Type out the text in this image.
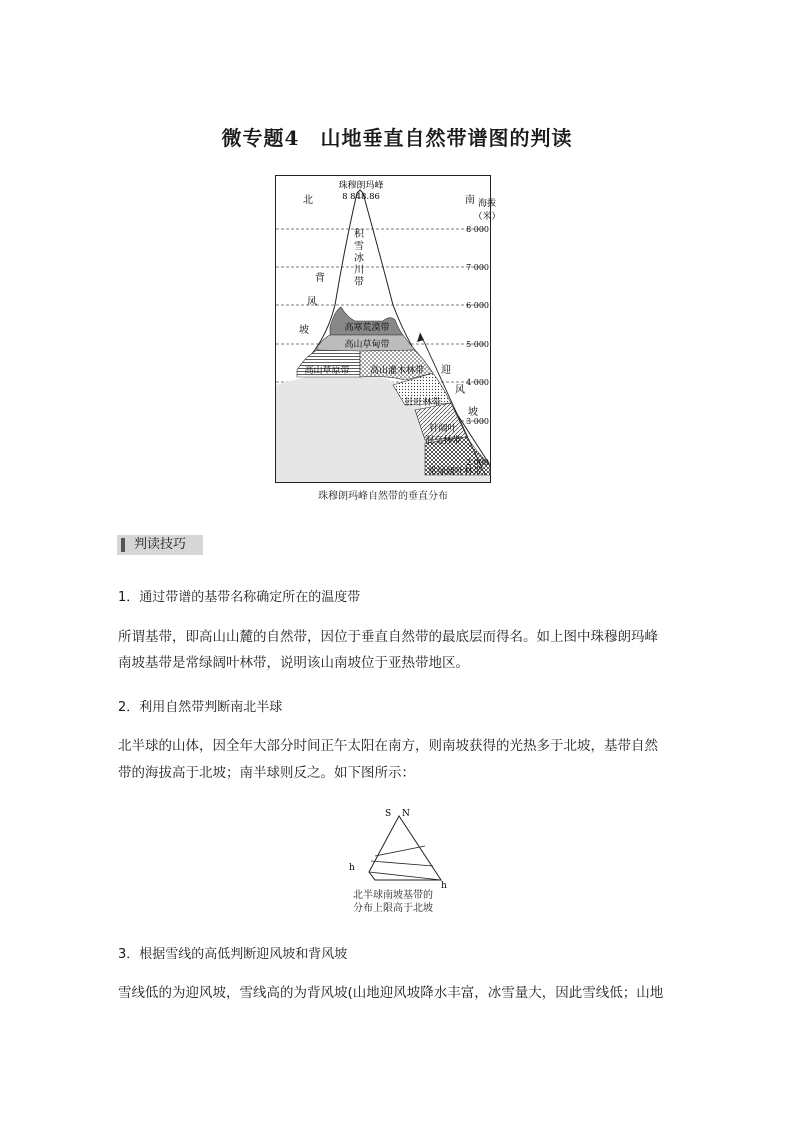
微专题4　山地垂直自然带谱图的判读
珠穆朗玛峰
8 848.86
北	南 海拔
（米）
8 000
7 000
6 000
5 000
4 000
3 000
2 000
背
风
坡
迎
风
坡
积
雪
冰
川
带
高寒荒漠带
高山草甸带
高山草原带 高山灌木林带
针叶林带
针阔叶
混交林带
常绿阔叶林带
珠穆朗玛峰自然带的垂直分布
判读技巧
1．通过带谱的基带名称确定所在的温度带
所谓基带，即高山山麓的自然带，因位于垂直自然带的最底层而得名。如上图中珠穆朗玛峰
南坡基带是常绿阔叶林带，说明该山南坡位于亚热带地区。
2．利用自然带判断南北半球
北半球的山体，因全年大部分时间正午太阳在南方，则南坡获得的光热多于北坡，基带自然
带的海拔高于北坡；南半球则反之。如下图所示：
S N
h
h
北半球南坡基带的
分布上限高于北坡
3．根据雪线的高低判断迎风坡和背风坡
雪线低的为迎风坡，雪线高的为背风坡(山地迎风坡降水丰富，冰雪量大，因此雪线低；山地
